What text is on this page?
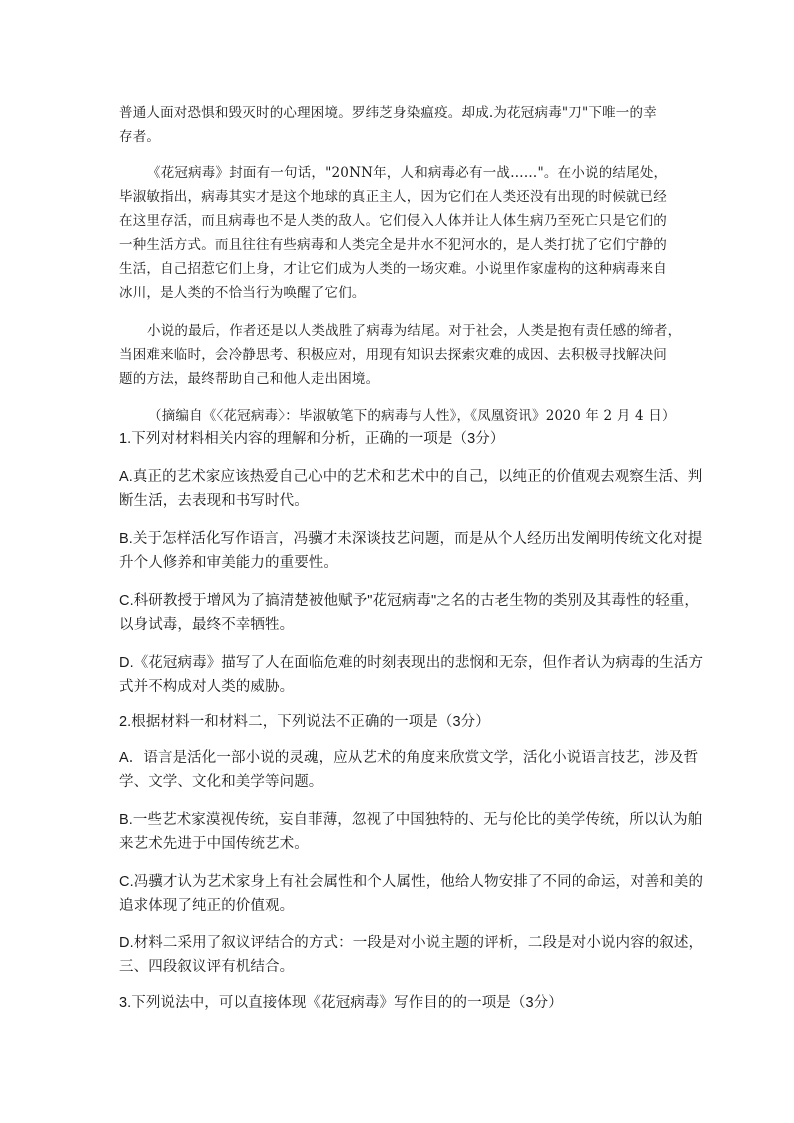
普通人面对恐惧和毁灭时的心理困境。罗纬芝身染瘟疫。却成.为花冠病毒"刀"下唯一的幸
存者。
《花冠病毒》封面有一句话，"20NN年，人和病毒必有一战……"。在小说的结尾处，
毕淑敏指出，病毒其实才是这个地球的真正主人，因为它们在人类还没有出现的时候就已经
在这里存活，而且病毒也不是人类的敌人。它们侵入人体并让人体生病乃至死亡只是它们的
一种生活方式。而且往往有些病毒和人类完全是井水不犯河水的，是人类打扰了它们宁静的
生活，自己招惹它们上身，才让它们成为人类的一场灾难。小说里作家虚构的这种病毒来自
冰川，是人类的不恰当行为唤醒了它们。
小说的最后，作者还是以人类战胜了病毒为结尾。对于社会，人类是抱有责任感的缔者，
当困难来临时，会冷静思考、积极应对，用现有知识去探索灾难的成因、去积极寻找解决问
题的方法，最终帮助自己和他人走出困境。
（摘编自《〈花冠病毒〉：毕淑敏笔下的病毒与人性》，《凤凰资讯》2020 年 2 月 4 日）
1.下列对材料相关内容的理解和分析，正确的一项是（3分）
A.真正的艺术家应该热爱自己心中的艺术和艺术中的自己，以纯正的价值观去观察生活、判
断生活，去表现和书写时代。
B.关于怎样活化写作语言，冯骥才未深谈技艺问题，而是从个人经历出发阐明传统文化对提
升个人修养和审美能力的重要性。
C.科研教授于增风为了搞清楚被他赋予"花冠病毒"之名的古老生物的类别及其毒性的轻重，
以身试毒，最终不幸牺牲。
D.《花冠病毒》描写了人在面临危难的时刻表现出的悲悯和无奈，但作者认为病毒的生活方
式并不构成对人类的威胁。
2.根据材料一和材料二，下列说法不正确的一项是（3分）
A．语言是活化一部小说的灵魂，应从艺术的角度来欣赏文学，活化小说语言技艺，涉及哲
学、文学、文化和美学等问题。
B.一些艺术家漠视传统，妄自菲薄，忽视了中国独特的、无与伦比的美学传统，所以认为舶
来艺术先进于中国传统艺术。
C.冯骥才认为艺术家身上有社会属性和个人属性，他给人物安排了不同的命运，对善和美的
追求体现了纯正的价值观。
D.材料二采用了叙议评结合的方式：一段是对小说主题的评析，二段是对小说内容的叙述，
三、四段叙议评有机结合。
3.下列说法中，可以直接体现《花冠病毒》写作目的的一项是（3分）
